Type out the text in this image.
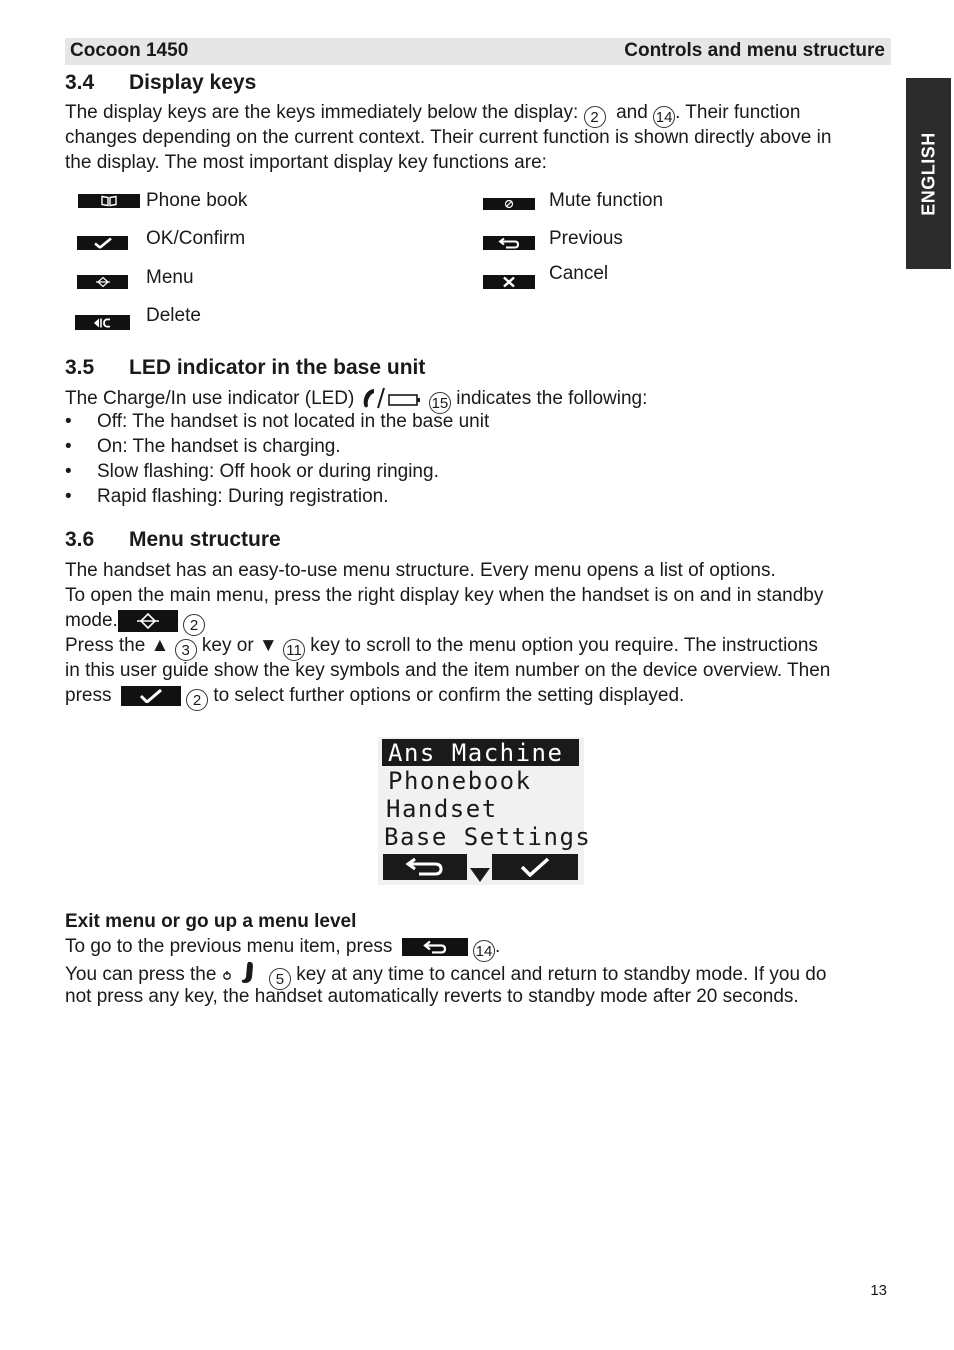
Cocoon 1450	Controls and menu structure
ENGLISH
3.4 Display keys
The display keys are the keys immediately below the display: 2 and 14 . Their function
changes depending on the current context. Their current function is shown directly above in
the display. The most important display key functions are:
Phone book	Mute function
OK/Confirm	Previous
Menu	Cancel
Delete
3.5 LED indicator in the base unit
The Charge/In use indicator (LED)	15 indicates the following:
• Off: The handset is not located in the base unit
• On: The handset is charging.
• Slow flashing: Off hook or during ringing.
• Rapid flashing: During registration.
3.6 Menu structure
The handset has an easy-to-use menu structure. Every menu opens a list of options.
To open the main menu, press the right display key when the handset is on and in standby
mode.	2
Press the ▲ 3 key or ▼ 11 key to scroll to the menu option you require. The instructions
in this user guide show the key symbols and the item number on the device overview. Then
press	2 to select further options or confirm the setting displayed.
Ans Machine
Phonebook
Handset
Base Settings
Exit menu or go up a menu level
To go to the previous menu item, press	14 .
You can press the	5 key at any time to cancel and return to standby mode. If you do
not press any key, the handset automatically reverts to standby mode after 20 seconds.
13
